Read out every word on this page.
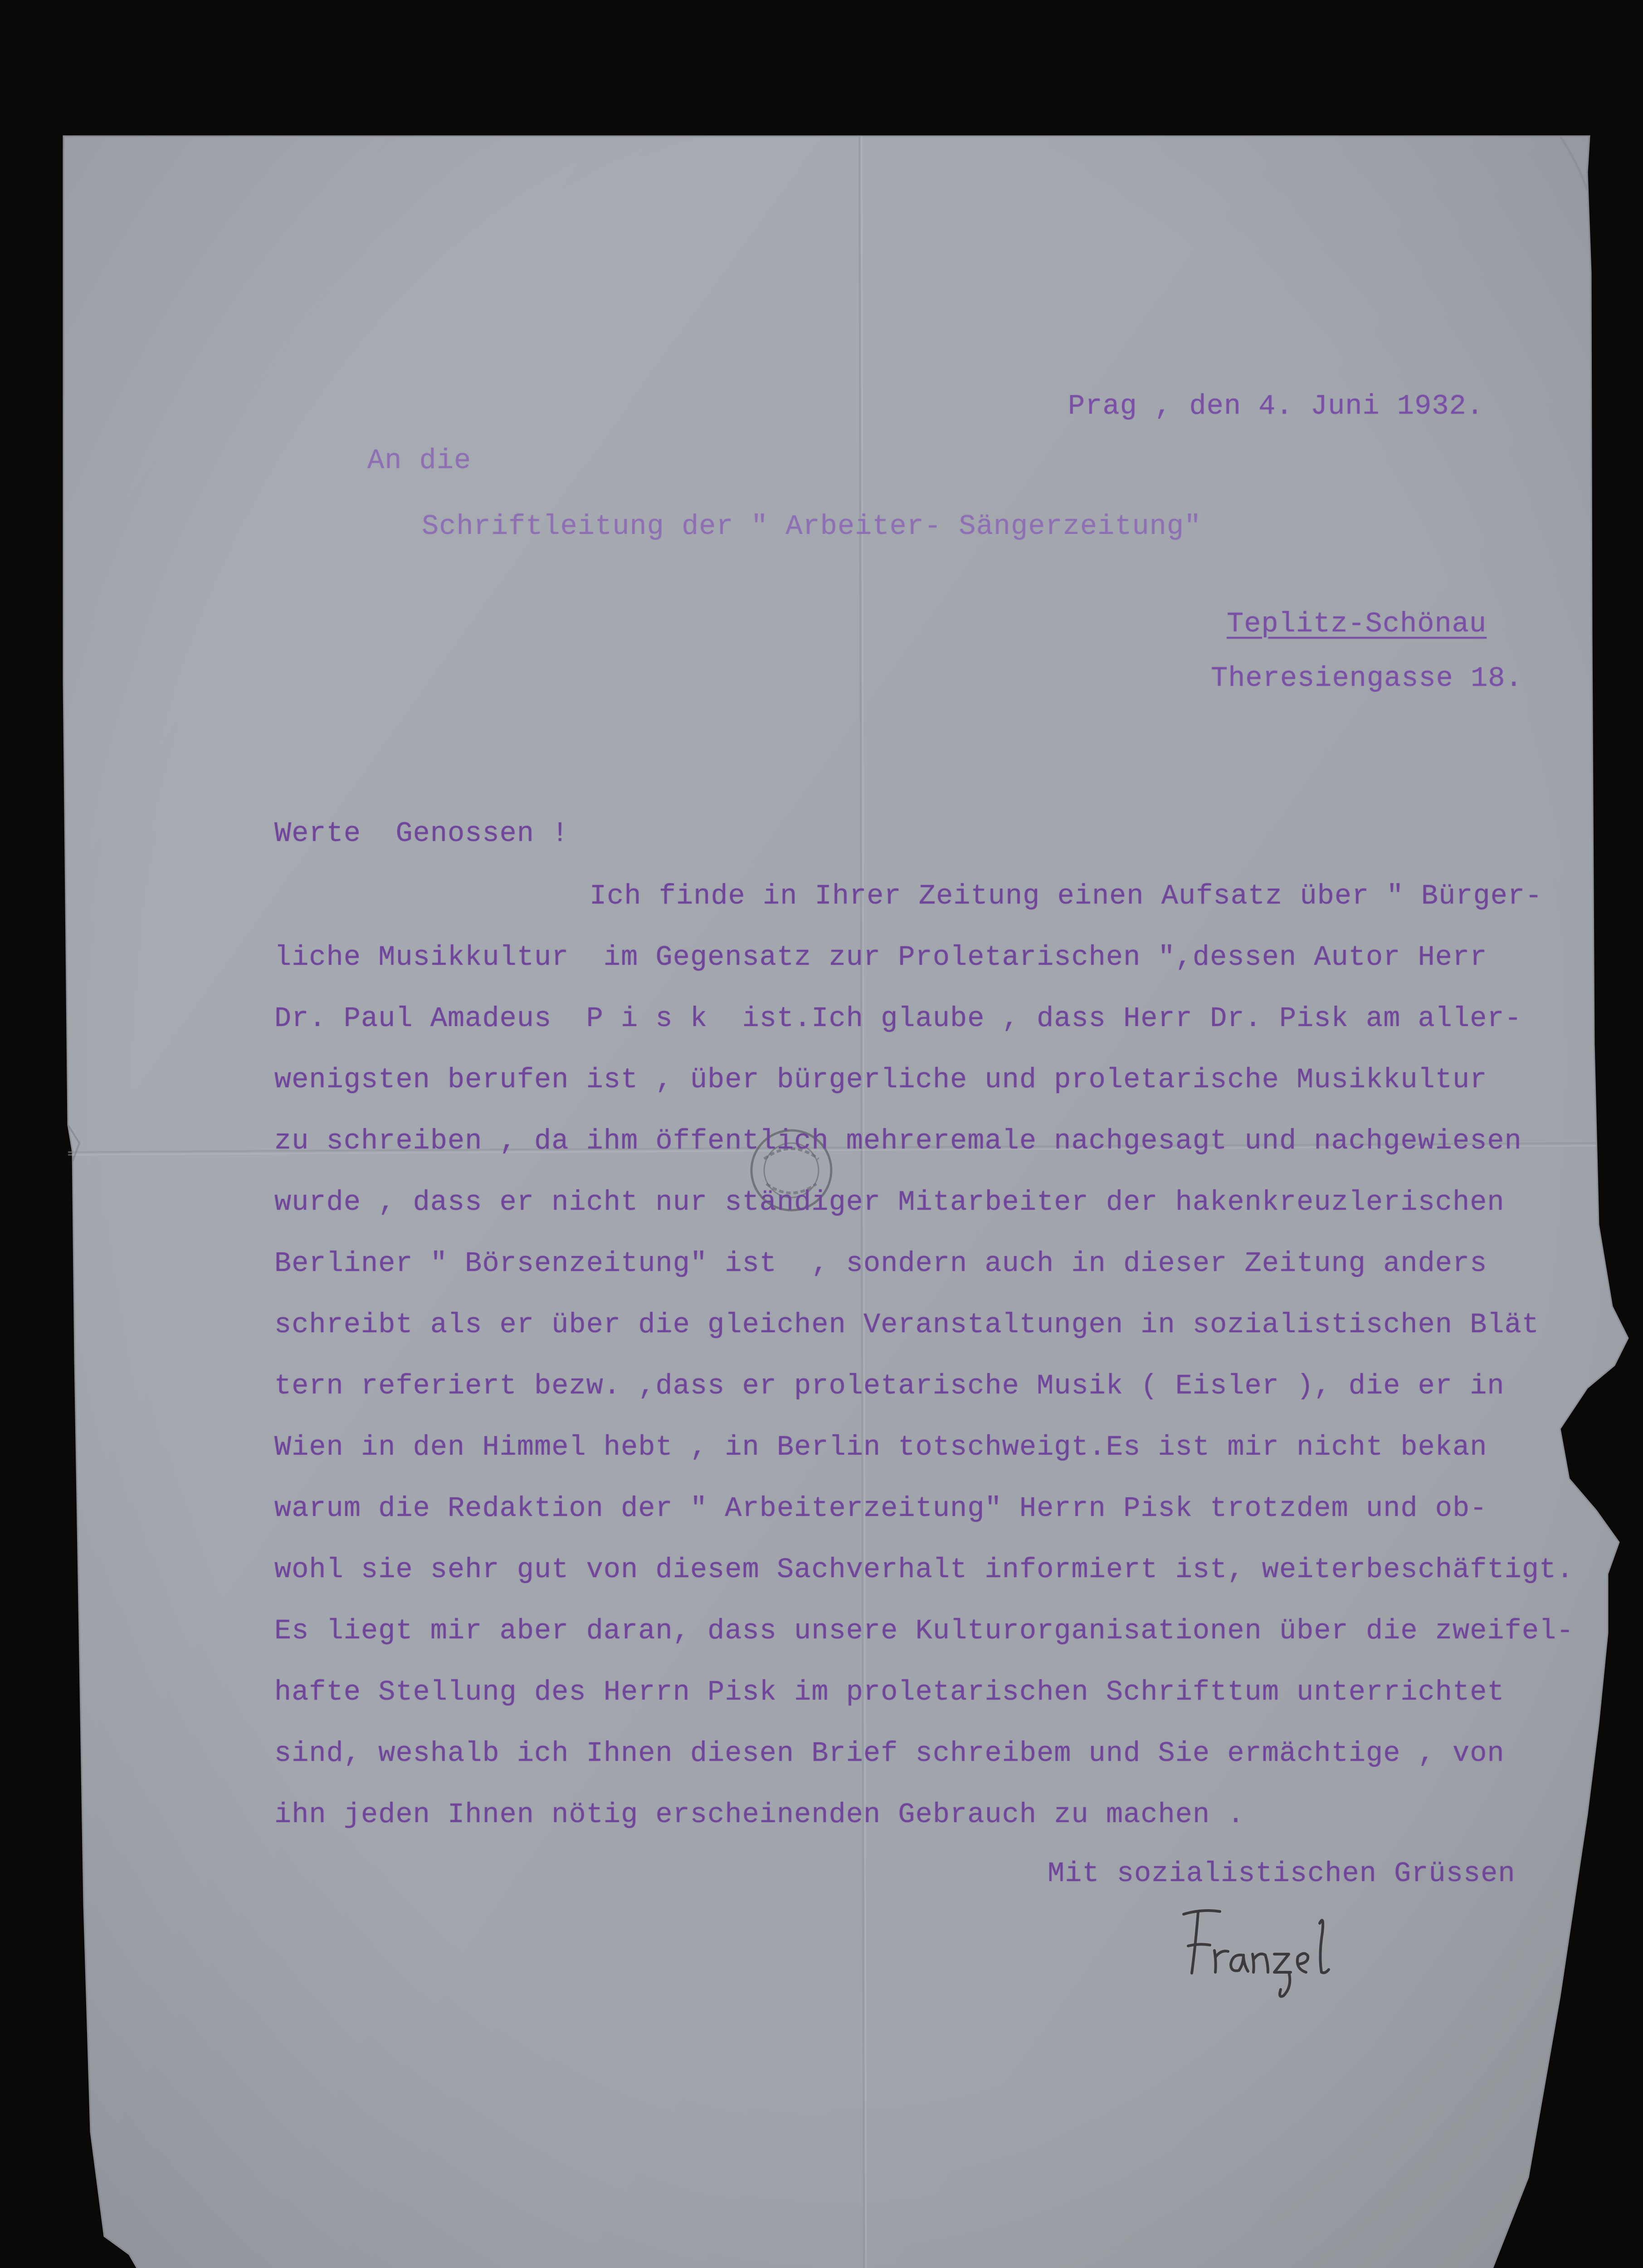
Prag , den 4. Juni 1932.
An die
Schriftleitung der " Arbeiter- Sängerzeitung"
Teplitz-Schönau
Theresiengasse 18.
Werte  Genossen !
Ich finde in Ihrer Zeitung einen Aufsatz über " Bürger-
liche Musikkultur  im Gegensatz zur Proletarischen ",dessen Autor Herr
Dr. Paul Amadeus  P i s k  ist.Ich glaube , dass Herr Dr. Pisk am aller-
wenigsten berufen ist , über bürgerliche und proletarische Musikkultur
zu schreiben , da ihm öffentlich mehreremale nachgesagt und nachgewiesen
wurde , dass er nicht nur ständiger Mitarbeiter der hakenkreuzlerischen
Berliner " Börsenzeitung" ist  , sondern auch in dieser Zeitung anders
schreibt als er über die gleichen Veranstaltungen in sozialistischen Blät
tern referiert bezw. ,dass er proletarische Musik ( Eisler ), die er in
Wien in den Himmel hebt , in Berlin totschweigt.Es ist mir nicht bekan
warum die Redaktion der " Arbeiterzeitung" Herrn Pisk trotzdem und ob-
wohl sie sehr gut von diesem Sachverhalt informiert ist, weiterbeschäftigt.
Es liegt mir aber daran, dass unsere Kulturorganisationen über die zweifel-
hafte Stellung des Herrn Pisk im proletarischen Schrifttum unterrichtet
sind, weshalb ich Ihnen diesen Brief schreibem und Sie ermächtige , von
ihn jeden Ihnen nötig erscheinenden Gebrauch zu machen .
Mit sozialistischen Grüssen
